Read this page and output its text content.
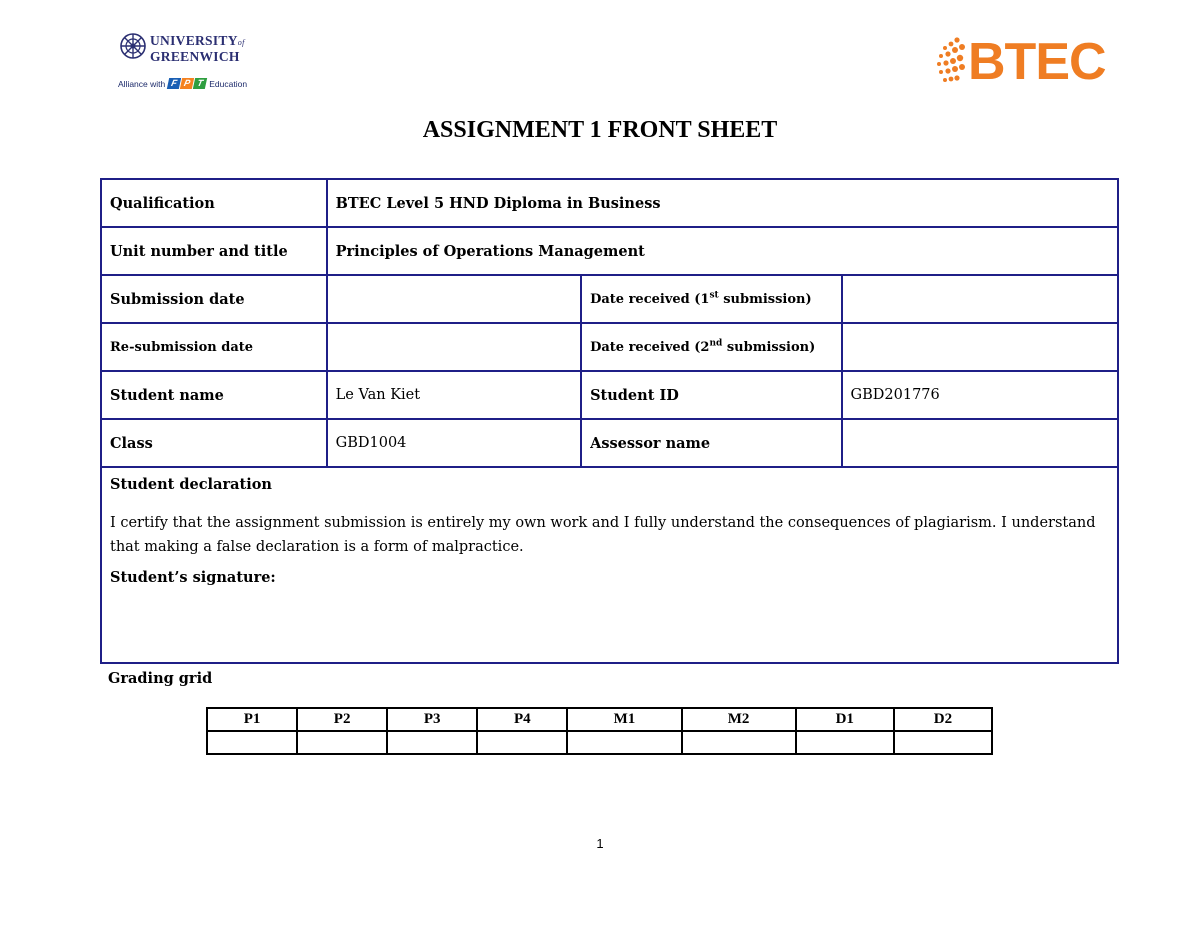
UNIVERSITYof
GREENWICH
Alliance with F P T Education	BTEC
ASSIGNMENT 1 FRONT SHEET
Qualification	BTEC Level 5 HND Diploma in Business		
Unit number and title	Principles of Operations Management		
Submission date		Date received (1st submission)	
Re-submission date		Date received (2nd submission)	
Student name	Le Van Kiet	Student ID	GBD201776
Class	GBD1004	Assessor name	

Student declaration

I certify that the assignment submission is entirely my own work and I fully understand the consequences of plagiarism. I understand that making a false declaration is a form of malpractice.

Student’s signature:			

Grading grid
P1	P2	P3	P4	M1	M2	D1	D2

1
